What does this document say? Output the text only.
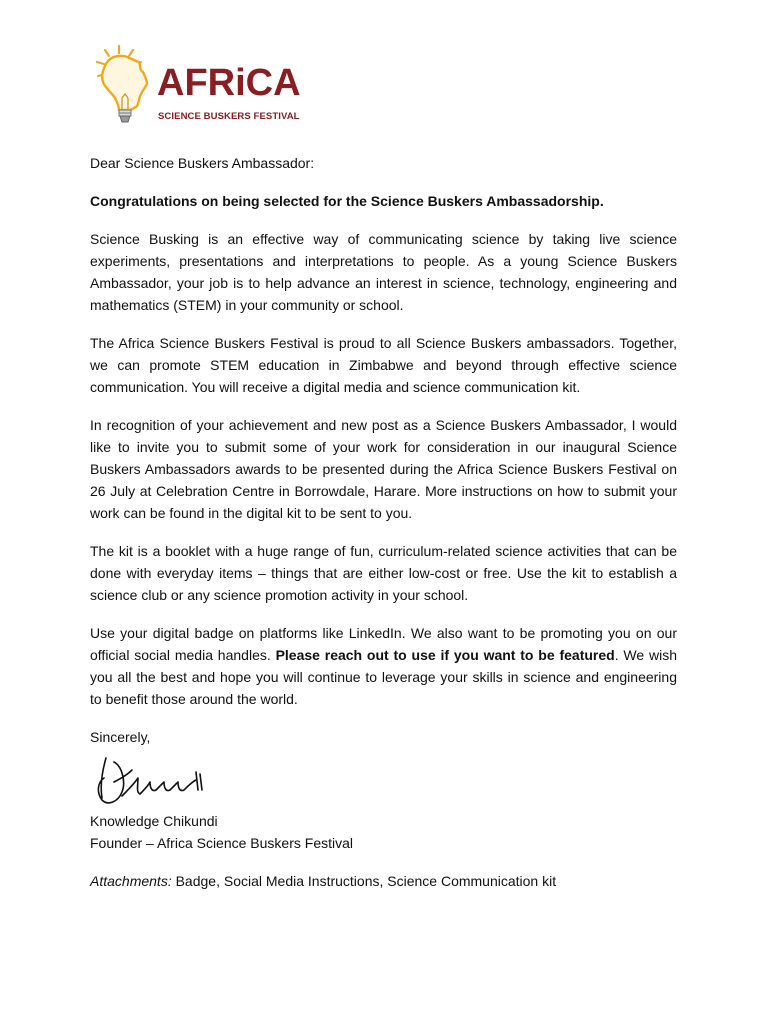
AFRiCA
SCIENCE BUSKERS FESTIVAL

Dear Science Buskers Ambassador:

Congratulations on being selected for the Science Buskers Ambassadorship.

Science Busking is an effective way of communicating science by taking live science experiments, presentations and interpretations to people. As a young Science Buskers Ambassador, your job is to help advance an interest in science, technology, engineering and mathematics (STEM) in your community or school.

The Africa Science Buskers Festival is proud to all Science Buskers ambassadors. Together, we can promote STEM education in Zimbabwe and beyond through effective science communication. You will receive a digital media and science communication kit.

In recognition of your achievement and new post as a Science Buskers Ambassador, I would like to invite you to submit some of your work for consideration in our inaugural Science Buskers Ambassadors awards to be presented during the Africa Science Buskers Festival on 26 July at Celebration Centre in Borrowdale, Harare. More instructions on how to submit your work can be found in the digital kit to be sent to you.

The kit is a booklet with a huge range of fun, curriculum-related science activities that can be done with everyday items – things that are either low-cost or free. Use the kit to establish a science club or any science promotion activity in your school.

Use your digital badge on platforms like LinkedIn. We also want to be promoting you on our official social media handles. Please reach out to use if you want to be featured. We wish you all the best and hope you will continue to leverage your skills in science and engineering to benefit those around the world.

Sincerely,

Knowledge Chikundi

Founder – Africa Science Buskers Festival

Attachments: Badge, Social Media Instructions, Science Communication kit
